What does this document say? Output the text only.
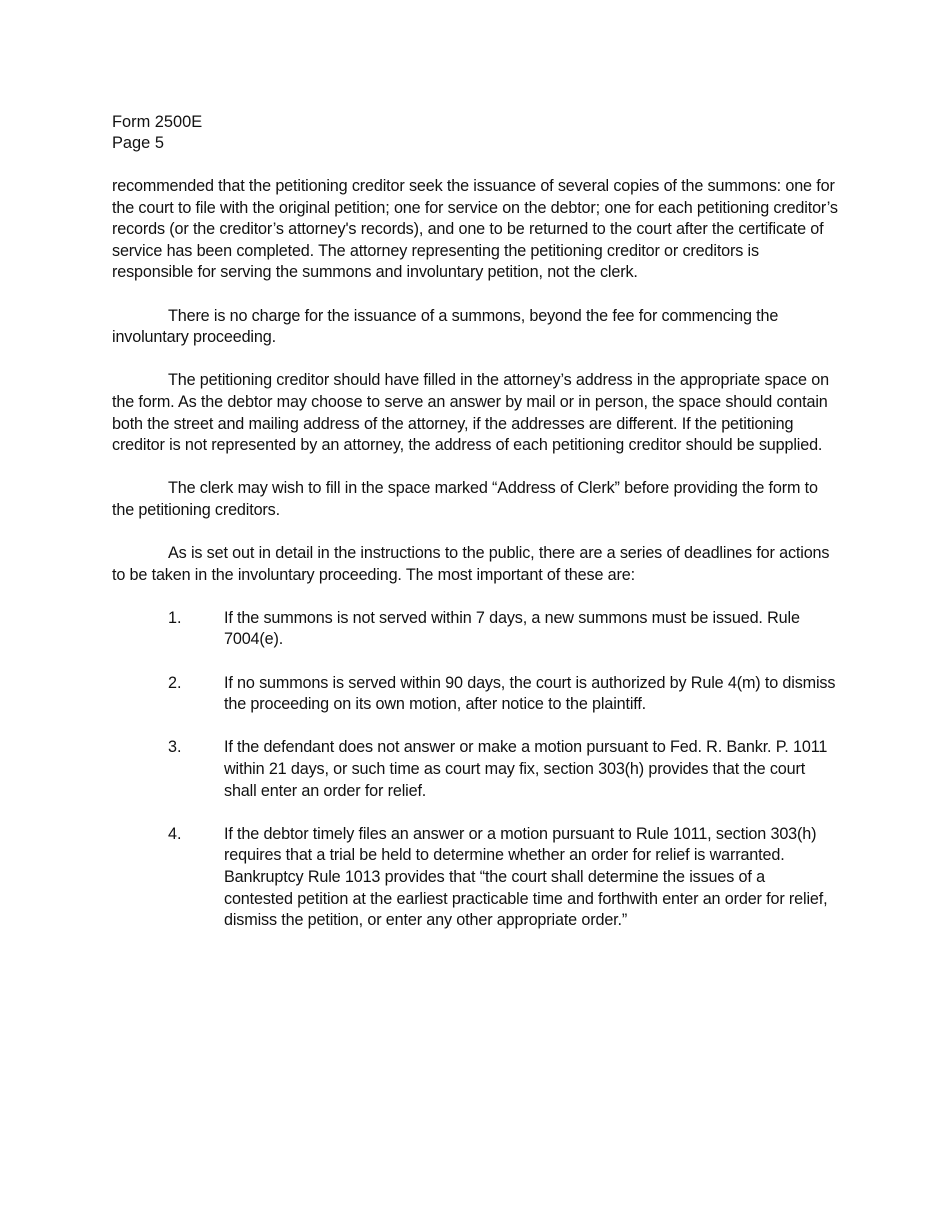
Form 2500E
Page 5

recommended that the petitioning creditor seek the issuance of several copies of the summons: one for the court to file with the original petition; one for service on the debtor; one for each petitioning creditor’s records (or the creditor’s attorney's records), and one to be returned to the court after the certificate of service has been completed. The attorney representing the petitioning creditor or creditors is responsible for serving the summons and involuntary petition, not the clerk.

There is no charge for the issuance of a summons, beyond the fee for commencing the involuntary proceeding.

The petitioning creditor should have filled in the attorney’s address in the appropriate space on the form. As the debtor may choose to serve an answer by mail or in person, the space should contain both the street and mailing address of the attorney, if the addresses are different. If the petitioning creditor is not represented by an attorney, the address of each petitioning creditor should be supplied.

The clerk may wish to fill in the space marked “Address of Clerk” before providing the form to the petitioning creditors.

As is set out in detail in the instructions to the public, there are a series of deadlines for actions to be taken in the involuntary proceeding. The most important of these are:

1.	If the summons is not served within 7 days, a new summons must be issued. Rule 7004(e).
2.	If no summons is served within 90 days, the court is authorized by Rule 4(m) to dismiss the proceeding on its own motion, after notice to the plaintiff.
3.	If the defendant does not answer or make a motion pursuant to Fed. R. Bankr. P. 1011 within 21 days, or such time as court may fix, section 303(h) provides that the court shall enter an order for relief.
4.	If the debtor timely files an answer or a motion pursuant to Rule 1011, section 303(h) requires that a trial be held to determine whether an order for relief is warranted. Bankruptcy Rule 1013 provides that “the court shall determine the issues of a contested petition at the earliest practicable time and forthwith enter an order for relief, dismiss the petition, or enter any other appropriate order.”
